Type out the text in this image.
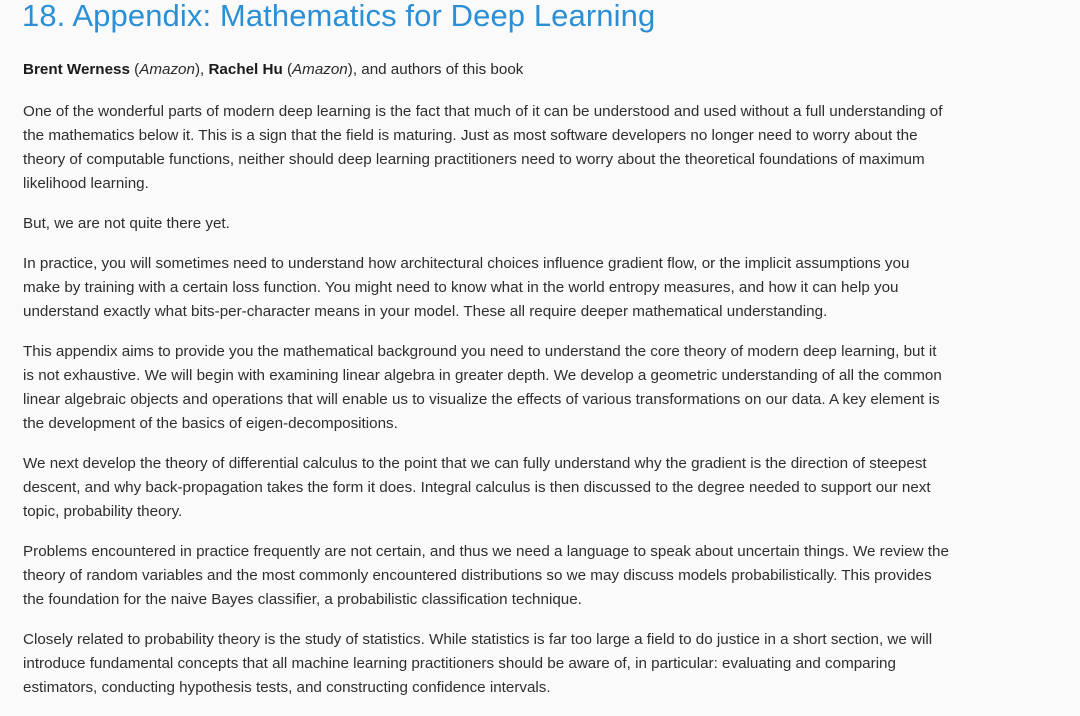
18. Appendix: Mathematics for Deep Learning
Brent Werness (Amazon), Rachel Hu (Amazon), and authors of this book

One of the wonderful parts of modern deep learning is the fact that much of it can be understood and used without a full understanding of
the mathematics below it. This is a sign that the field is maturing. Just as most software developers no longer need to worry about the
theory of computable functions, neither should deep learning practitioners need to worry about the theoretical foundations of maximum
likelihood learning.

But, we are not quite there yet.

In practice, you will sometimes need to understand how architectural choices influence gradient flow, or the implicit assumptions you
make by training with a certain loss function. You might need to know what in the world entropy measures, and how it can help you
understand exactly what bits-per-character means in your model. These all require deeper mathematical understanding.

This appendix aims to provide you the mathematical background you need to understand the core theory of modern deep learning, but it
is not exhaustive. We will begin with examining linear algebra in greater depth. We develop a geometric understanding of all the common
linear algebraic objects and operations that will enable us to visualize the effects of various transformations on our data. A key element is
the development of the basics of eigen-decompositions.

We next develop the theory of differential calculus to the point that we can fully understand why the gradient is the direction of steepest
descent, and why back-propagation takes the form it does. Integral calculus is then discussed to the degree needed to support our next
topic, probability theory.

Problems encountered in practice frequently are not certain, and thus we need a language to speak about uncertain things. We review the
theory of random variables and the most commonly encountered distributions so we may discuss models probabilistically. This provides
the foundation for the naive Bayes classifier, a probabilistic classification technique.

Closely related to probability theory is the study of statistics. While statistics is far too large a field to do justice in a short section, we will
introduce fundamental concepts that all machine learning practitioners should be aware of, in particular: evaluating and comparing
estimators, conducting hypothesis tests, and constructing confidence intervals.
